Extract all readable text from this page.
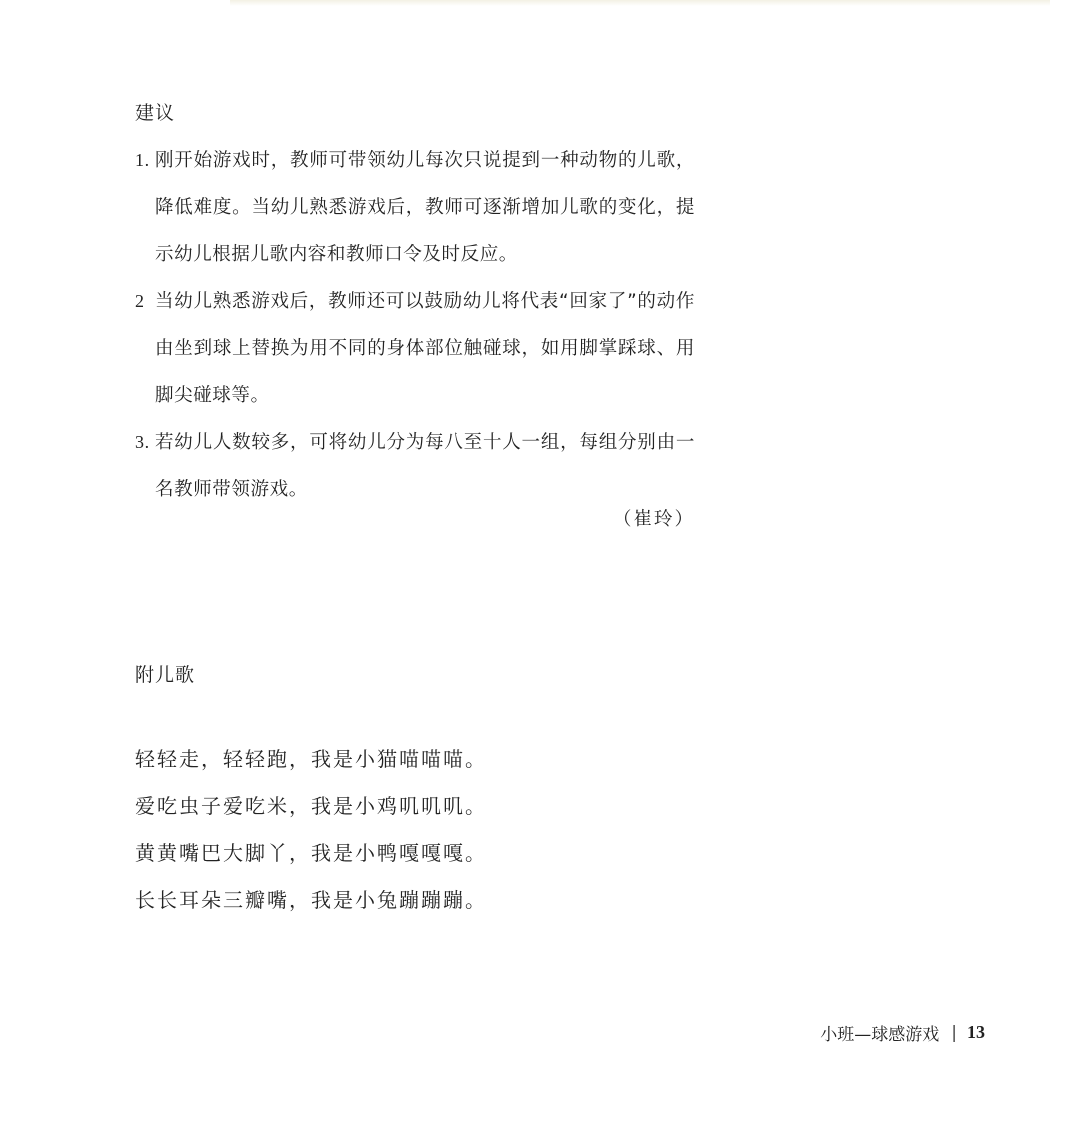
建议
1. 刚开始游戏时，教师可带领幼儿每次只说提到一种动物的儿歌，降低难度。当幼儿熟悉游戏后，教师可逐渐增加儿歌的变化，提示幼儿根据儿歌内容和教师口令及时反应。
2 当幼儿熟悉游戏后，教师还可以鼓励幼儿将代表“回家了”的动作由坐到球上替换为用不同的身体部位触碰球，如用脚掌踩球、用脚尖碰球等。
3. 若幼儿人数较多，可将幼儿分为每八至十人一组，每组分别由一名教师带领游戏。
（崔玲）
附儿歌
轻轻走，轻轻跑，我是小猫喵喵喵。
爱吃虫子爱吃米，我是小鸡叽叽叽。
黄黄嘴巴大脚丫，我是小鸭嘎嘎嘎。
长长耳朵三瓣嘴，我是小兔蹦蹦蹦。
小班—球感游戏 | 13
